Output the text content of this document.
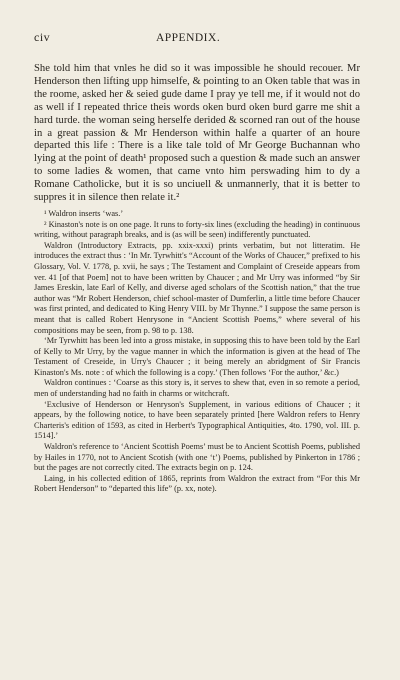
civ	APPENDIX.

She told him that vnles he did so it was impossible he should recouer. Mr Henderson then lifting upp himselfe, & pointing to an Oken table that was in the roome, asked her & seied gude dame I pray ye tell me, if it would not do as well if I repeated thrice theis words oken burd oken burd garre me shit a hard turde. the woman seing herselfe derided & scorned ran out of the house in a great passion & Mr Henderson within halfe a quarter of an houre departed this life : There is a like tale told of Mr George Buchannan who lying at the point of death¹ proposed such a question & made such an answer to some ladies & women, that came vnto him perswading him to dy a Romane Catholicke, but it is so unciuell & unmannerly, that it is better to suppres it in silence then relate it.²

¹ Waldron inserts ‘was.’

² Kinaston's note is on one page. It runs to forty-six lines (excluding the heading) in continuous writing, without paragraph breaks, and is (as will be seen) indifferently punctuated.

Waldron (Introductory Extracts, pp. xxix-xxxi) prints verbatim, but not litteratim. He introduces the extract thus : ‘In Mr. Tyrwhitt's “Account of the Works of Chaucer,” prefixed to his Glossary, Vol. V. 1778, p. xvii, he says ; The Testament and Complaint of Creseide appears from ver. 41 [of that Poem] not to have been written by Chaucer ; and Mr Urry was informed “by Sir James Ereskin, late Earl of Kelly, and diverse aged scholars of the Scottish nation,” that the true author was “Mr Robert Henderson, chief school-master of Dumferlin, a little time before Chaucer was first printed, and dedicated to King Henry VIII. by Mr Thynne.” I suppose the same person is meant that is called Robert Henrysone in “Ancient Scottish Poems,” where several of his compositions may be seen, from p. 98 to p. 138.

‘Mr Tyrwhitt has been led into a gross mistake, in supposing this to have been told by the Earl of Kelly to Mr Urry, by the vague manner in which the information is given at the head of The Testament of Creseide, in Urry's Chaucer ; it being merely an abridgment of Sir Francis Kinaston's Ms. note : of which the following is a copy.’ (Then follows ‘For the author,’ &c.)

Waldron continues : ‘Coarse as this story is, it serves to shew that, even in so remote a period, men of understanding had no faith in charms or witchcraft.

‘Exclusive of Henderson or Henryson's Supplement, in various editions of Chaucer ; it appears, by the following notice, to have been separately printed [here Waldron refers to Henry Charteris's edition of 1593, as cited in Herbert's Typographical Antiquities, 4to. 1790, vol. III. p. 1514].’

Waldron's reference to ‘Ancient Scottish Poems’ must be to Ancient Scottish Poems, published by Hailes in 1770, not to Ancient Scotish (with one ‘t’) Poems, published by Pinkerton in 1786 ; but the pages are not correctly cited. The extracts begin on p. 124.

Laing, in his collected edition of 1865, reprints from Waldron the extract from “For this Mr Robert Henderson” to “departed this life” (p. xx, note).
